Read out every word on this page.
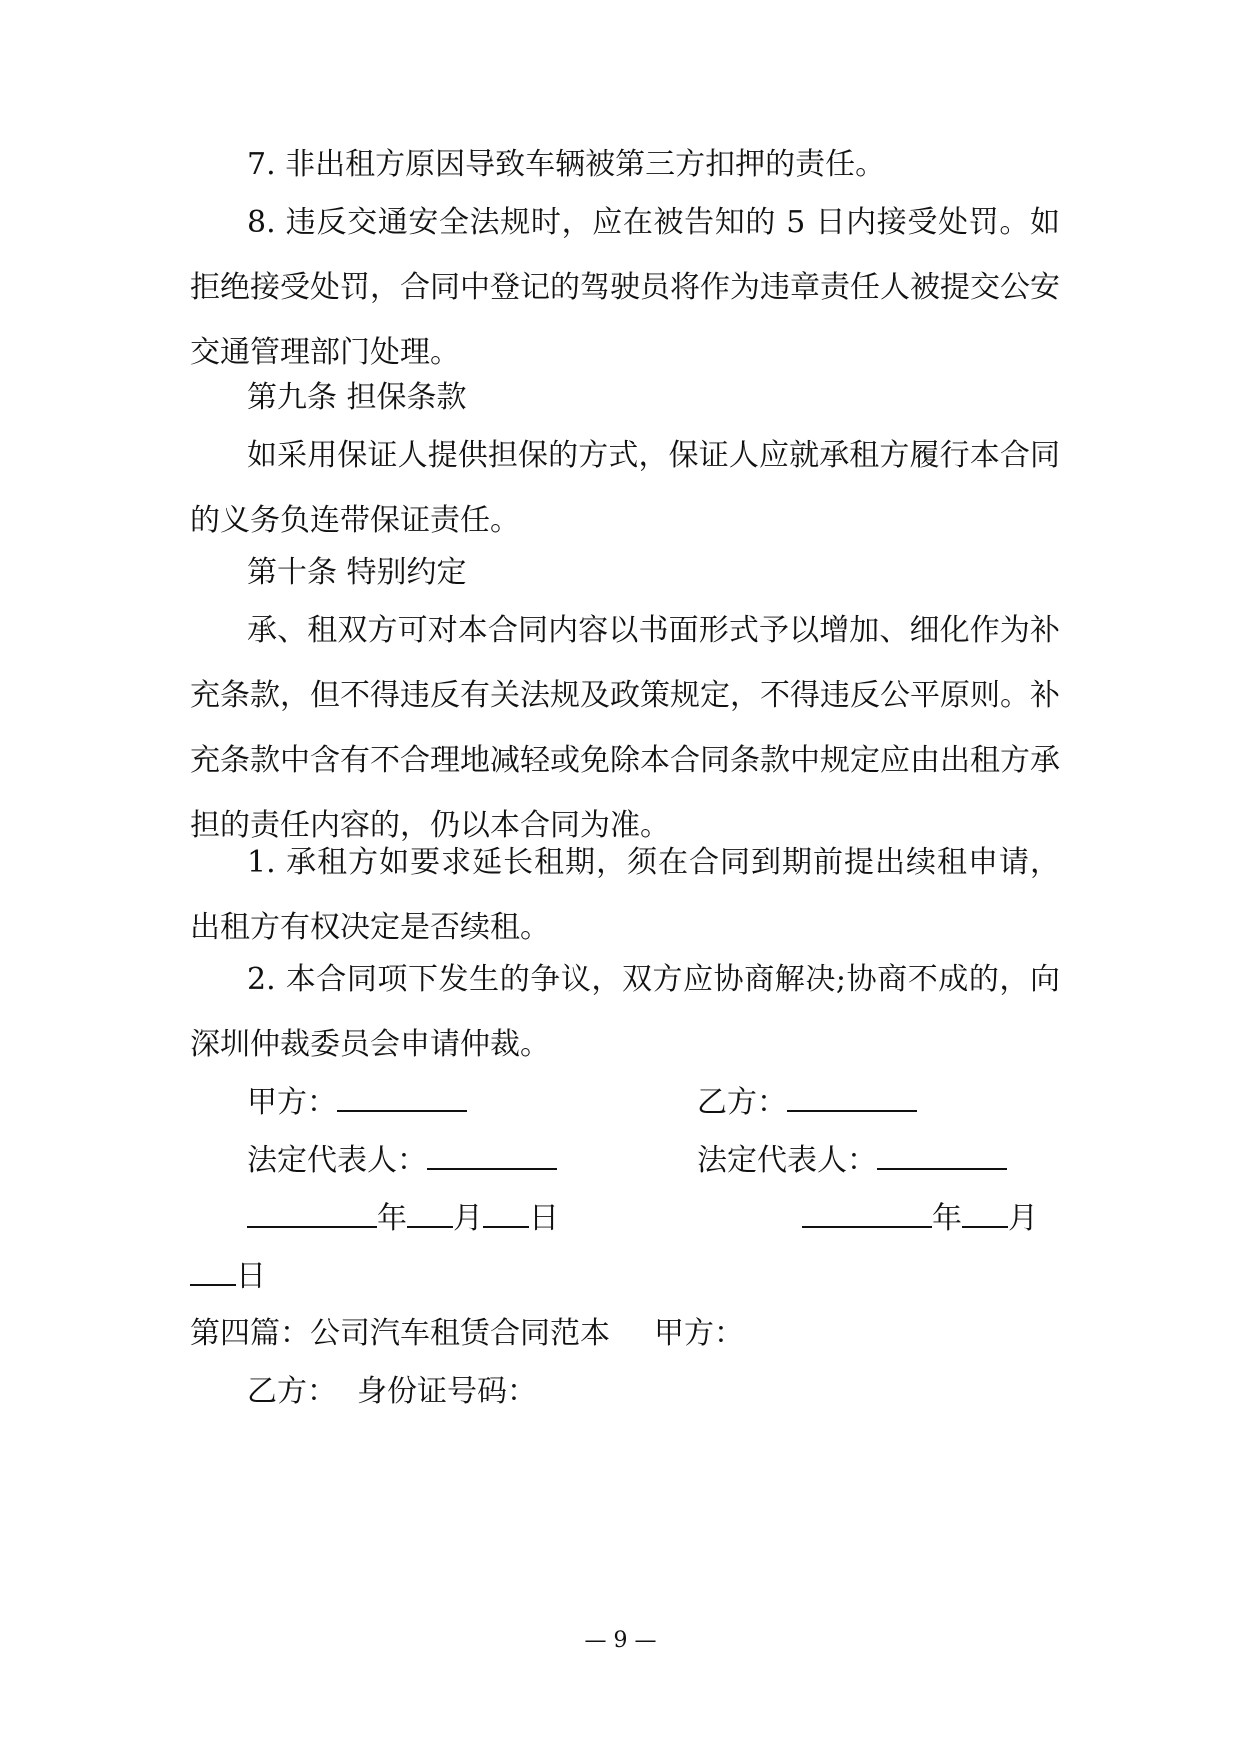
7. 非出租方原因导致车辆被第三方扣押的责任。

8. 违反交通安全法规时，应在被告知的 5 日内接受处罚。如拒绝接受处罚，合同中登记的驾驶员将作为违章责任人被提交公安交通管理部门处理。

第九条 担保条款

如采用保证人提供担保的方式，保证人应就承租方履行本合同的义务负连带保证责任。

第十条 特别约定

承、租双方可对本合同内容以书面形式予以增加、细化作为补充条款，但不得违反有关法规及政策规定，不得违反公平原则。补充条款中含有不合理地减轻或免除本合同条款中规定应由出租方承担的责任内容的，仍以本合同为准。

1. 承租方如要求延长租期，须在合同到期前提出续租申请，出租方有权决定是否续租。

2. 本合同项下发生的争议，双方应协商解决;协商不成的，向深圳仲裁委员会申请仲裁。

甲方：	乙方：
法定代表人：	法定代表人：
年 月 日	年 月
日
第四篇：公司汽车租赁合同范本 甲方：
乙方： 身份证号码：
— 9 —
